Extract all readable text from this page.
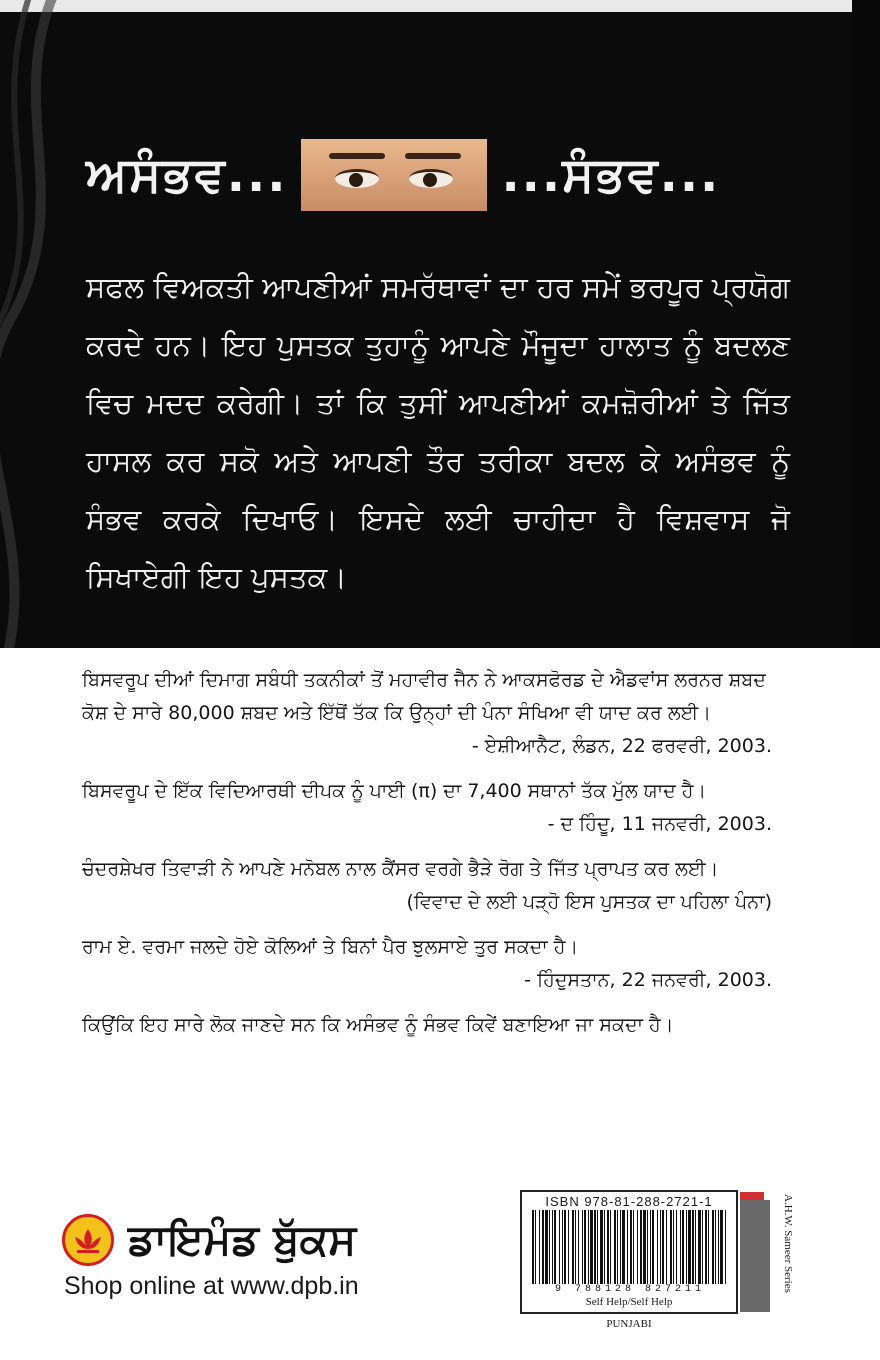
ਅਸੰਭਵ...	...ਸੰਭਵ...
ਸਫਲ ਵਿਅਕਤੀ ਆਪਣੀਆਂ ਸਮਰੱਥਾਵਾਂ ਦਾ ਹਰ ਸਮੇਂ ਭਰਪੂਰ ਪ੍ਰਯੋਗ ਕਰਦੇ ਹਨ। ਇਹ ਪੁਸਤਕ ਤੁਹਾਨੂੰ ਆਪਣੇ ਮੌਜੂਦਾ ਹਾਲਾਤ ਨੂੰ ਬਦਲਣ ਵਿਚ ਮਦਦ ਕਰੇਗੀ। ਤਾਂ ਕਿ ਤੁਸੀਂ ਆਪਣੀਆਂ ਕਮਜ਼ੋਰੀਆਂ ਤੇ ਜਿੱਤ ਹਾਸਲ ਕਰ ਸਕੋ ਅਤੇ ਆਪਣੀ ਤੌਰ ਤਰੀਕਾ ਬਦਲ ਕੇ ਅਸੰਭਵ ਨੂੰ ਸੰਭਵ ਕਰਕੇ ਦਿਖਾਓ। ਇਸਦੇ ਲਈ ਚਾਹੀਦਾ ਹੈ ਵਿਸ਼ਵਾਸ ਜੋ ਸਿਖਾਏਗੀ ਇਹ ਪੁਸਤਕ।

ਬਿਸਵਰੂਪ ਦੀਆਂ ਦਿਮਾਗ ਸਬੰਧੀ ਤਕਨੀਕਾਂ ਤੋਂ ਮਹਾਵੀਰ ਜੈਨ ਨੇ ਆਕਸਫੋਰਡ ਦੇ ਐਡਵਾਂਸ ਲਰਨਰ ਸ਼ਬਦ ਕੋਸ਼ ਦੇ ਸਾਰੇ 80,000 ਸ਼ਬਦ ਅਤੇ ਇੱਥੋਂ ਤੱਕ ਕਿ ਉਨ੍ਹਾਂ ਦੀ ਪੰਨਾ ਸੰਖਿਆ ਵੀ ਯਾਦ ਕਰ ਲਈ।

- ਏਸ਼ੀਆਨੈਟ, ਲੰਡਨ, 22 ਫਰਵਰੀ, 2003.

ਬਿਸਵਰੂਪ ਦੇ ਇੱਕ ਵਿਦਿਆਰਥੀ ਦੀਪਕ ਨੂੰ ਪਾਈ (π) ਦਾ 7,400 ਸਥਾਨਾਂ ਤੱਕ ਮੁੱਲ ਯਾਦ ਹੈ।

- ਦ ਹਿੰਦੂ, 11 ਜਨਵਰੀ, 2003.

ਚੰਦਰਸ਼ੇਖਰ ਤਿਵਾੜੀ ਨੇ ਆਪਣੇ ਮਨੋਬਲ ਨਾਲ ਕੈਂਸਰ ਵਰਗੇ ਭੈੜੇ ਰੋਗ ਤੇ ਜਿੱਤ ਪ੍ਰਾਪਤ ਕਰ ਲਈ।

(ਵਿਵਾਦ ਦੇ ਲਈ ਪੜ੍ਹੋ ਇਸ ਪੁਸਤਕ ਦਾ ਪਹਿਲਾ ਪੰਨਾ)

ਰਾਮ ਏ. ਵਰਮਾ ਜਲਦੇ ਹੋਏ ਕੋਲਿਆਂ ਤੇ ਬਿਨਾਂ ਪੈਰ ਝੁਲਸਾਏ ਤੁਰ ਸਕਦਾ ਹੈ।

- ਹਿੰਦੁਸਤਾਨ, 22 ਜਨਵਰੀ, 2003.

ਕਿਉਂਕਿ ਇਹ ਸਾਰੇ ਲੋਕ ਜਾਣਦੇ ਸਨ ਕਿ ਅਸੰਭਵ ਨੂੰ ਸੰਭਵ ਕਿਵੇਂ ਬਣਾਇਆ ਜਾ ਸਕਦਾ ਹੈ।

ਡਾਇਮੰਡ ਬੁੱਕਸ
Shop online at www.dpb.in	A.H.W. Sameer Series
ISBN 978-81-288-2721-1
9 788128 827211
Self Help/Self Help
PUNJABI
